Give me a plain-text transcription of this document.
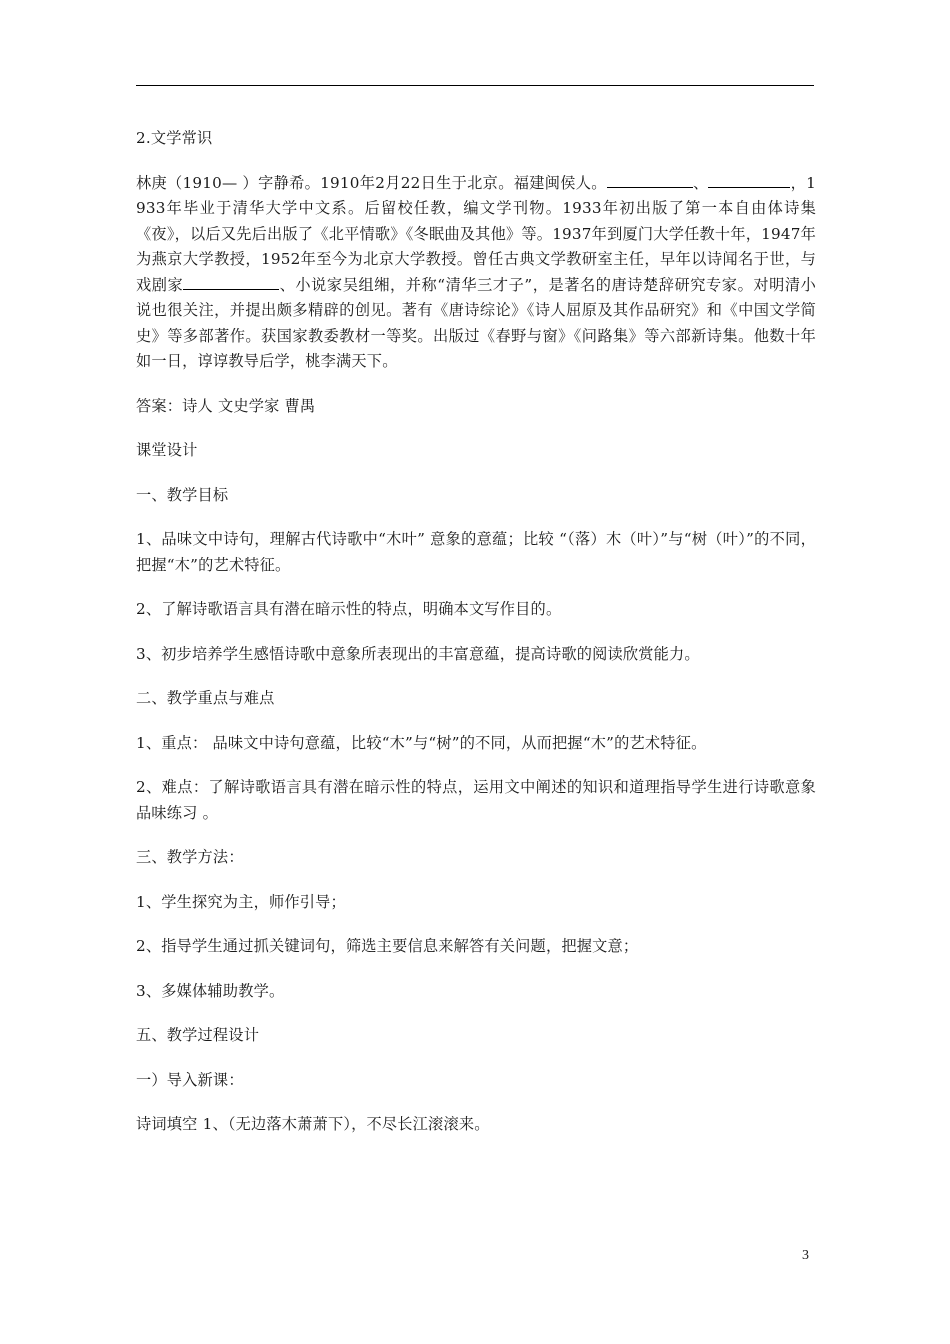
2.文学常识

林庚（1910— ）字静希。1910年2月22日生于北京。福建闽侯人。	、	，1933年毕业于清华大学中文系。后留校任教，编文学刊物。1933年初出版了第一本自由体诗集《夜》，以后又先后出版了《北平情歌》《冬眠曲及其他》等。1937年到厦门大学任教十年，1947年为燕京大学教授，1952年至今为北京大学教授。曾任古典文学教研室主任，早年以诗闻名于世，与戏剧家	、小说家吴组缃，并称“清华三才子”，是著名的唐诗楚辞研究专家。对明清小说也很关注，并提出颇多精辟的创见。著有《唐诗综论》《诗人屈原及其作品研究》和《中国文学简史》等多部著作。获国家教委教材一等奖。出版过《春野与窗》《问路集》等六部新诗集。他数十年如一日，谆谆教导后学，桃李满天下。

答案：诗人 文史学家 曹禺

课堂设计

一、教学目标

1、品味文中诗句，理解古代诗歌中“木叶” 意象的意蕴；比较 “（落）木（叶）”与“树（叶）”的不同，把握“木”的艺术特征。

2、了解诗歌语言具有潜在暗示性的特点，明确本文写作目的。

3、初步培养学生感悟诗歌中意象所表现出的丰富意蕴，提高诗歌的阅读欣赏能力。

二、教学重点与难点

1、重点： 品味文中诗句意蕴，比较“木”与“树”的不同，从而把握“木”的艺术特征。

2、难点：了解诗歌语言具有潜在暗示性的特点，运用文中阐述的知识和道理指导学生进行诗歌意象品味练习 。

三、教学方法：

1、学生探究为主，师作引导；

2、指导学生通过抓关键词句，筛选主要信息来解答有关问题，把握文意；

3、多媒体辅助教学。

五、教学过程设计

一）导入新课：

诗词填空 1、（无边落木萧萧下），不尽长江滚滚来。

3
